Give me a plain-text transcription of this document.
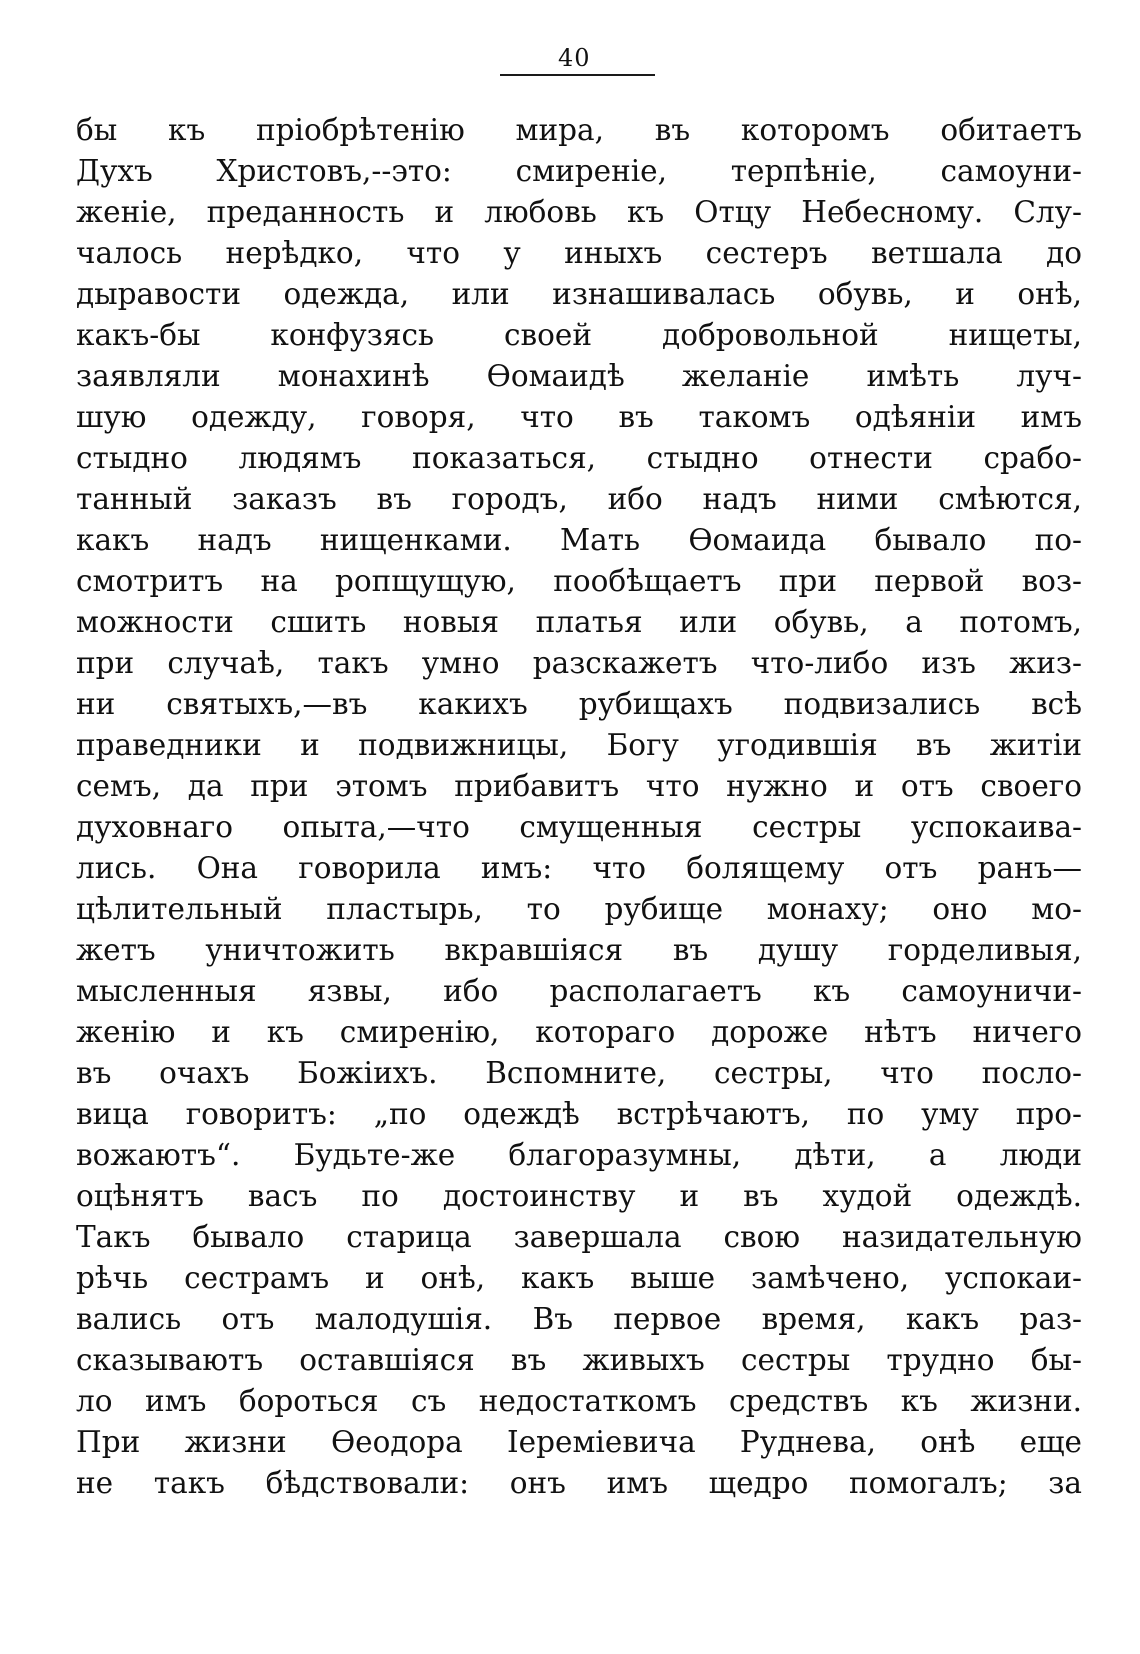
40
бы къ пріобрѣтенію мира, въ которомъ обитаетъ
Духъ Христовъ,--это: смиреніе, терпѣніе, самоуни-
женіе, преданность и любовь къ Отцу Небесному. Слу-
чалось нерѣдко, что у иныхъ сестеръ ветшала до
дыравости одежда, или изнашивалась обувь, и онѣ,
какъ-бы конфузясь своей добровольной нищеты,
заявляли монахинѣ Ѳомаидѣ желаніе имѣть луч-
шую одежду, говоря, что въ такомъ одѣяніи имъ
стыдно людямъ показаться, стыдно отнести срабо-
танный заказъ въ городъ, ибо надъ ними смѣются,
какъ надъ нищенками. Мать Ѳомаида бывало по-
смотритъ на ропщущую, пообѣщаетъ при первой воз-
можности сшить новыя платья или обувь, а потомъ,
при случаѣ, такъ умно разскажетъ что-либо изъ жиз-
ни святыхъ,—въ какихъ рубищахъ подвизались всѣ
праведники и подвижницы, Богу угодившія въ житіи
семъ, да при этомъ прибавитъ что нужно и отъ своего
духовнаго опыта,—что смущенныя сестры успокаива-
лись. Она говорила имъ: что болящему отъ ранъ—
цѣлительный пластырь, то рубище монаху; оно мо-
жетъ уничтожить вкравшіяся въ душу горделивыя,
мысленныя язвы, ибо располагаетъ къ самоуничи-
женію и къ смиренію, котораго дороже нѣтъ ничего
въ очахъ Божіихъ. Вспомните, сестры, что посло-
вица говоритъ: „по одеждѣ встрѣчаютъ, по уму про-
вожаютъ“. Будьте-же благоразумны, дѣти, а люди
оцѣнятъ васъ по достоинству и въ худой одеждѣ.
Такъ бывало старица завершала свою назидательную
рѣчь сестрамъ и онѣ, какъ выше замѣчено, успокаи-
вались отъ малодушія. Въ первое время, какъ раз-
сказываютъ оставшіяся въ живыхъ сестры трудно бы-
ло имъ бороться съ недостаткомъ средствъ къ жизни.
При жизни Ѳеодора Іереміевича Руднева, онѣ еще
не такъ бѣдствовали: онъ имъ щедро помогалъ; за
